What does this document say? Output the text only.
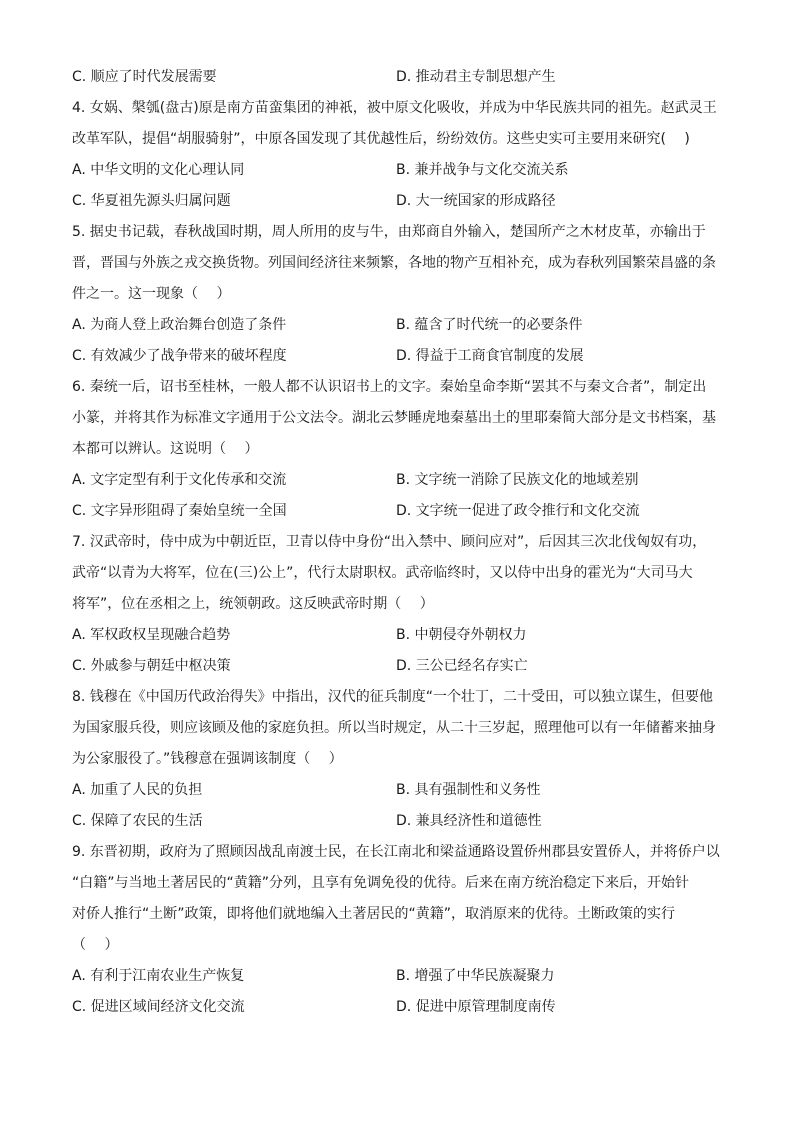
C. 顺应了时代发展需要	D. 推动君主专制思想产生
4. 女娲、槃瓠(盘古)原是南方苗蛮集团的神祇，被中原文化吸收，并成为中华民族共同的祖先。赵武灵王
改革军队，提倡“胡服骑射”，中原各国发现了其优越性后，纷纷效仿。这些史实可主要用来研究(　 )
A. 中华文明的文化心理认同	B. 兼并战争与文化交流关系
C. 华夏祖先源头归属问题	D. 大一统国家的形成路径
5. 据史书记载，春秋战国时期，周人所用的皮与牛，由郑商自外输入，楚国所产之木材皮革，亦输出于
晋，晋国与外族之戎交换货物。列国间经济往来频繁，各地的物产互相补充，成为春秋列国繁荣昌盛的条
件之一。这一现象（　 ）
A. 为商人登上政治舞台创造了条件	B. 蕴含了时代统一的必要条件
C. 有效减少了战争带来的破坏程度	D. 得益于工商食官制度的发展
6. 秦统一后，诏书至桂林，一般人都不认识诏书上的文字。秦始皇命李斯“罢其不与秦文合者”，制定出
小篆，并将其作为标准文字通用于公文法令。湖北云梦睡虎地秦墓出土的里耶秦简大部分是文书档案，基
本都可以辨认。这说明（　 ）
A. 文字定型有利于文化传承和交流	B. 文字统一消除了民族文化的地域差别
C. 文字异形阻碍了秦始皇统一全国	D. 文字统一促进了政令推行和文化交流
7. 汉武帝时，侍中成为中朝近臣，卫青以侍中身份“出入禁中、顾问应对”，后因其三次北伐匈奴有功，
武帝“以青为大将军，位在(三)公上”，代行太尉职权。武帝临终时，又以侍中出身的霍光为“大司马大
将军”，位在丞相之上，统领朝政。这反映武帝时期（　 ）
A. 军权政权呈现融合趋势	B. 中朝侵夺外朝权力
C. 外戚参与朝廷中枢决策	D. 三公已经名存实亡
8. 钱穆在《中国历代政治得失》中指出，汉代的征兵制度“一个壮丁，二十受田，可以独立谋生，但要他
为国家服兵役，则应该顾及他的家庭负担。所以当时规定，从二十三岁起，照理他可以有一年储蓄来抽身
为公家服役了。”钱穆意在强调该制度（　 ）
A. 加重了人民的负担	B. 具有强制性和义务性
C. 保障了农民的生活	D. 兼具经济性和道德性
9. 东晋初期，政府为了照顾因战乱南渡士民，在长江南北和梁益通路设置侨州郡县安置侨人，并将侨户以
“白籍”与当地土著居民的“黄籍”分列，且享有免调免役的优待。后来在南方统治稳定下来后，开始针
对侨人推行“土断”政策，即将他们就地编入土著居民的“黄籍”，取消原来的优待。土断政策的实行
（　 ）
A. 有利于江南农业生产恢复	B. 增强了中华民族凝聚力
C. 促进区域间经济文化交流	D. 促进中原管理制度南传
